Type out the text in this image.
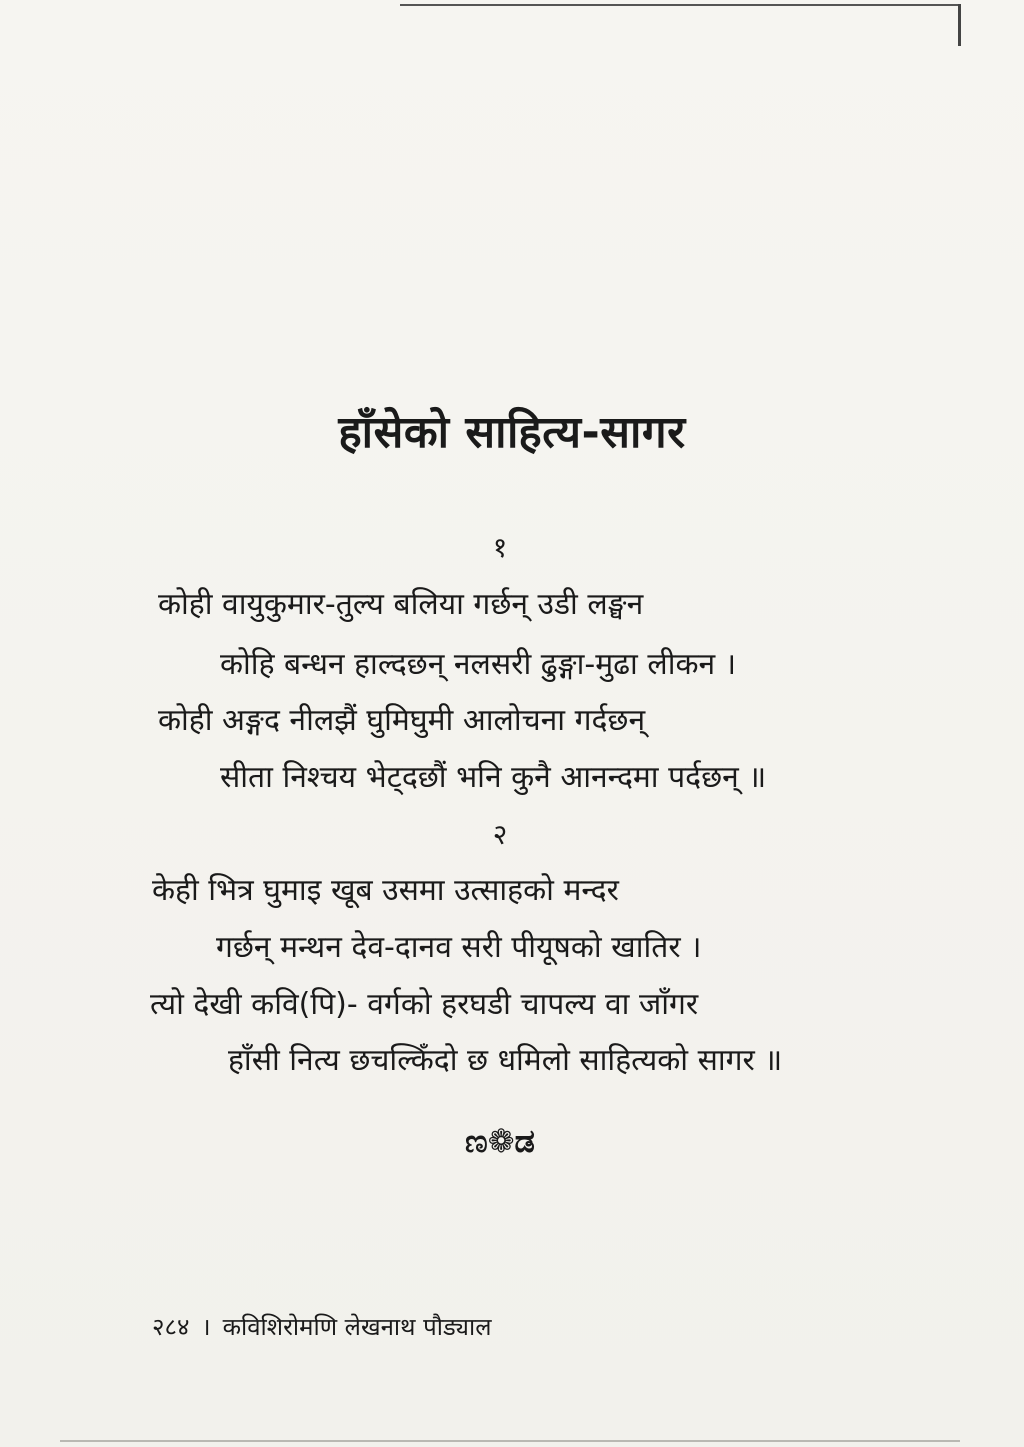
हाँसेको साहित्य-सागर
१
कोही वायुकुमार-तुल्य बलिया गर्छन् उडी लङ्घन
कोहि बन्धन हाल्दछन् नलसरी ढुङ्गा-मुढा लीकन ।
कोही अङ्गद नीलझैं घुमिघुमी आलोचना गर्दछन्
सीता निश्चय भेट्दछौं भनि कुनै आनन्दमा पर्दछन् ॥
२
केही भित्र घुमाइ खूब उसमा उत्साहको मन्दर
गर्छन् मन्थन देव-दानव सरी पीयूषको खातिर ।
त्यो देखी कवि(पि)- वर्गको हरघडी चापल्य वा जाँगर
हाँसी नित्य छचल्किँदो छ धमिलो साहित्यको सागर ॥
ಣ❁ಡ
२८४ । कविशिरोमणि लेखनाथ पौड्याल
